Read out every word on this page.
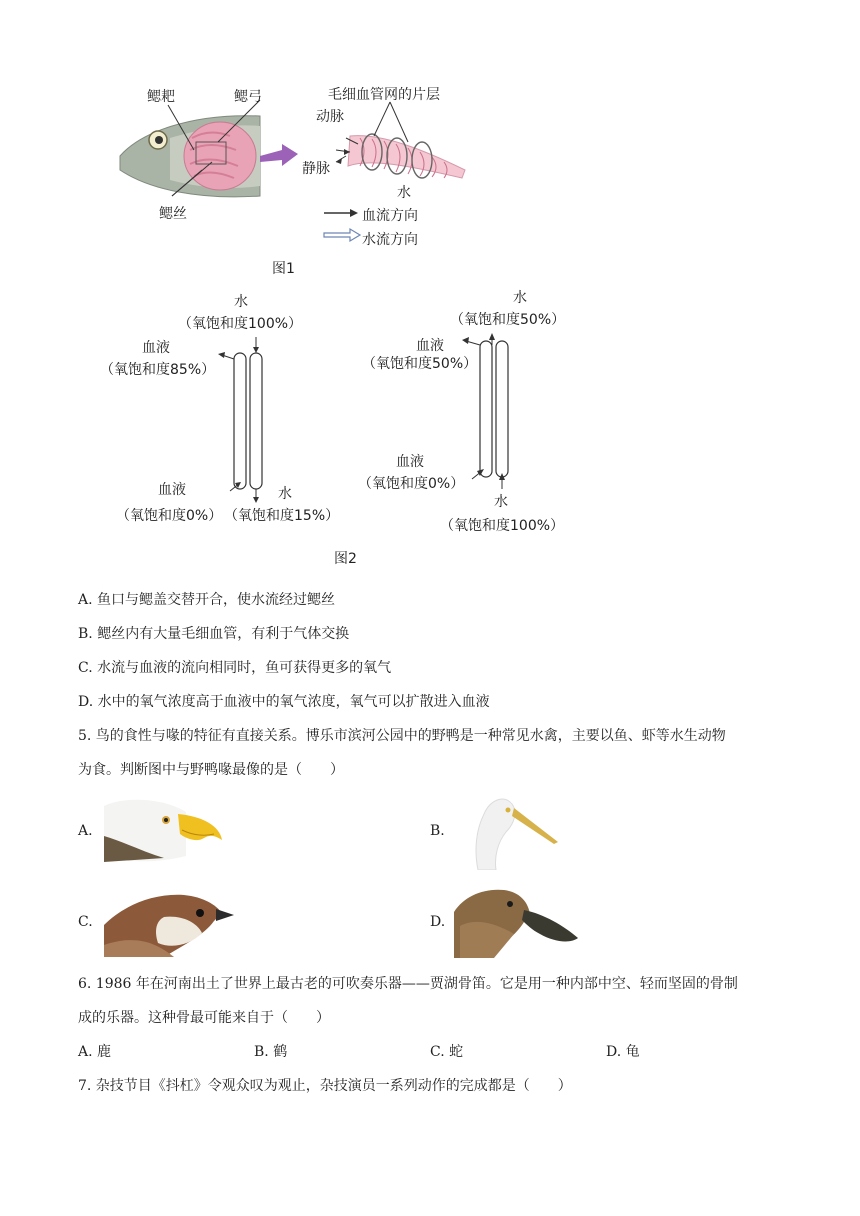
鳃耙	鳃弓
鳃丝
毛细血管网的片层
动脉
静脉
水
血流方向
水流方向
图1
水
（氧饱和度100%）
血液
（氧饱和度85%）
血液
（氧饱和度0%）
水
（氧饱和度15%）
水
（氧饱和度50%）
血液
（氧饱和度50%）
血液
（氧饱和度0%）
水
（氧饱和度100%）
图2
A. 鱼口与鳃盖交替开合，使水流经过鳃丝
B. 鳃丝内有大量毛细血管，有利于气体交换
C. 水流与血液的流向相同时，鱼可获得更多的氧气
D. 水中的氧气浓度高于血液中的氧气浓度，氧气可以扩散进入血液
5. 鸟的食性与喙的特征有直接关系。博乐市滨河公园中的野鸭是一种常见水禽，主要以鱼、虾等水生动物
为食。判断图中与野鸭喙最像的是（　　）
A.	B.
C.	D.
6. 1986 年在河南出土了世界上最古老的可吹奏乐器——贾湖骨笛。它是用一种内部中空、轻而坚固的骨制
成的乐器。这种骨最可能来自于（　　）
A. 鹿	B. 鹤	C. 蛇	D. 龟
7. 杂技节目《抖杠》令观众叹为观止，杂技演员一系列动作的完成都是（　　）
